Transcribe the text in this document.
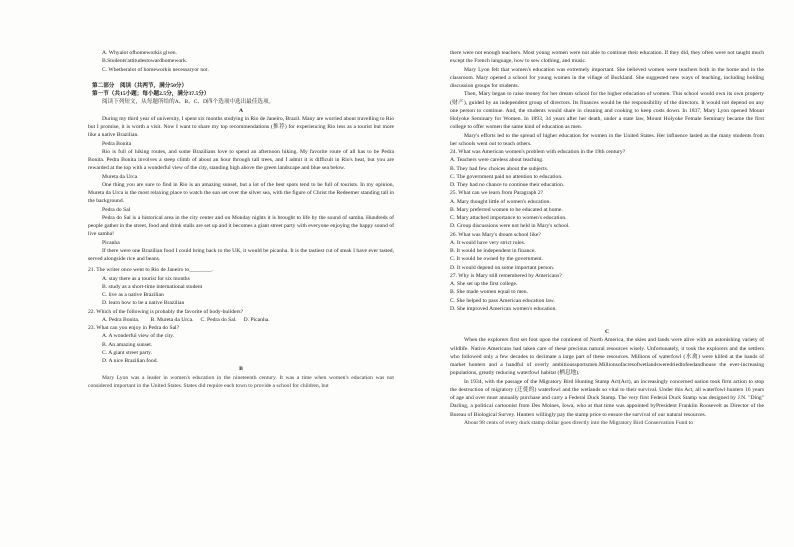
A. Whyalot ofhomeworkis given.

B.Students'attitudestowardhomework.

C. Whetheralot of homeworkis necessaryor not.

第二部分　阅读（共两节，满分50分）

第一节（共15小题；每小题2.5分，满分37.5分）

阅读下列短文，从每题所给的A、B、C、D四个选项中选出最佳选项。

A

During my third year of university, I spent six months studying in Rio de Janeiro, Brazil. Many are worried about travelling to Rio but I promise, it is worth a visit. Now I want to share my top recommendations (推荐) for experiencing Rio less as a tourist but more like a native Brazilian.

Pedra Bonita

Rio is full of hiking routes, and some Brazilians love to spend an afternoon hiking. My favorite route of all has to be Pedra Bonita. Pedra Bonita involves a steep climb of about an hour through tall trees, and I admit it is difficult in Rio's heat, but you are rewarded at the top with a wonderful view of the city, standing high above the green landscape and blue sea below.

Mureta da Urca

One thing you are sure to find in Rio is an amazing sunset, but a lot of the best spots tend to be full of tourists. In my opinion, Mureta da Urca is the most relaxing place to watch the sun set over the silver sea, with the figure of Christ the Redeemer standing tall in the background.

Pedra do Sal

Pedra do Sal is a historical area in the city center and on Monday nights it is brought to life by the sound of samba. Hundreds of people gather in the street, food and drink stalls are set up and it becomes a giant street party with everyone enjoying the happy sound of live samba!

Picanha

If there were one Brazilian food I could bring back to the UK, it would be picanha. It is the tastiest cut of steak I have ever tasted, served alongside rice and beans.

21. The writer once went to Rio de Janeiro to________.

A. stay there as a tourist for six months

B. study as a short-time international student

C. live as a native Brazilian

D. learn how to be a native Brazilian

22. Which of the following is probably the favorite of body-builders?

A. Pedra Bonita.        B. Mureta da Urca.     C. Pedra do Sal.     D. Picanha.

23. What can you enjoy in Pedra do Sal?

A. A wonderful view of the city.

B. An amazing sunset.

C. A giant street party.

D. A nice Brazilian food.

B

Mary Lyon was a leader in women's education in the nineteenth century. It was a time when women's education was not considered important in the United States. States did require each town to provide a school for children, but

there were not enough teachers. Most young women were not able to continue their education. If they did, they often were not taught much except the French language, how to sew clothing, and music.

Mary Lyon felt that women's education was extremely important. She believed women were teachers both in the home and in the classroom. Mary opened a school for young women in the village of Buckland. She suggested new ways of teaching, including holding discussion groups for students.

Then, Mary began to raise money for her dream school for the higher education of women. This school would own its own property (财产), guided by an independent group of directors. Its finances would be the responsibility of the directors. It would not depend on any one person to continue. And, the students would share in cleaning and cooking to keep costs down. In 1837, Mary Lyon opened Mount Holyoke Seminary for Women. In 1893, 34 years after her death, under a state law, Mount Holyoke Female Seminary became the first college to offer women the same kind of education as men.

Mary's efforts led to the spread of higher education for women in the United States. Her influence lasted as the many students from her schools went out to teach others.

24. What was American women's problem with education in the 19th century?

A. Teachers were careless about teaching.

B. They had few choices about the subjects.

C. The government paid no attention to education.

D. They had no chance to continue their education.

25. What can we learn from Paragraph 2?

A. Mary thought little of women's education.

B. Mary preferred women to be educated at home.

C. Mary attached importance to women's education.

D. Group discussions were not held in Mary's school.

26. What was Mary's dream school like?

A. It would have very strict rules.

B. It would be independent in finance.

C. It would be owned by the government.

D. It would depend on some important person.

27. Why is Mary still remembered by Americans?

A. She set up the first college.

B. She made women equal to men.

C. She helped to pass American education law.

D. She improved American women's education.

C

When the explorers first set foot upon the continent of North America, the skies and lands were alive with an astonishing variety of wildlife. Native Americans had taken care of these precious natural resources wisely. Unfortunately, it took the explorers and the settlers who followed only a few decades to decimate a large part of these resources. Millions of waterfowl (水禽) were killed at the hands of market hunters and a handful of overly ambitioussportsmen.Millionsofacresofwetlandsweredriedtofeedandhouse the ever-increasing populations, greatly reducing waterfowl habitat (栖息地).

In 1934, with the passage of the Migratory Bird Hunting Stamp Act(Act), an increasingly concerned nation took firm action to stop the destruction of migratory (迁徙的) waterfowl and the wetlands so vital to their survival. Under this Act, all waterfowl hunters 16 years of age and over must annually purchase and carry a Federal Duck Stamp. The very first Federal Duck Stamp was designed by J.N. "Ding" Darling, a political cartoonist from Des Moines, Iowa, who at that time was appointed byPresident Franklin Roosevelt as Director of the Bureau of Biological Survey. Hunters willingly pay the stamp price to ensure the survival of our natural resources.

About 98 cents of every duck stamp dollar goes directly into the Migratory Bird Conservation Fund to
